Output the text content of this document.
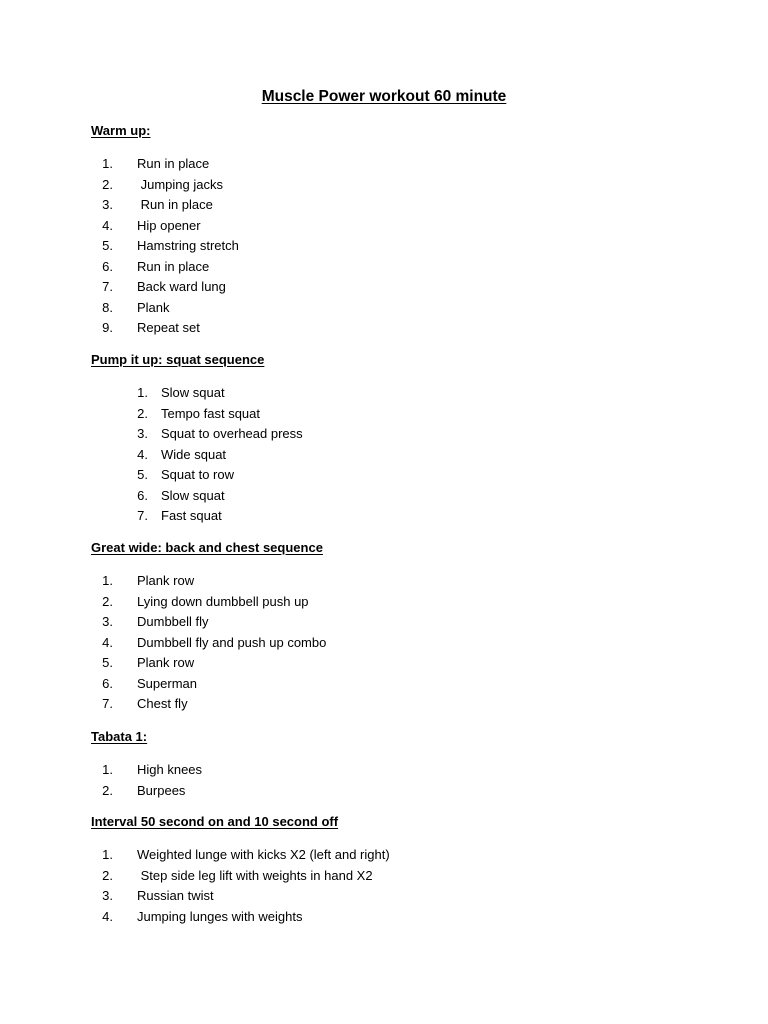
Muscle Power workout 60 minute
Warm up:
1. Run in place
2. Jumping jacks
3. Run in place
4. Hip opener
5. Hamstring stretch
6. Run in place
7. Back ward lung
8. Plank
9. Repeat set
Pump it up: squat sequence
1. Slow squat
2. Tempo fast squat
3. Squat to overhead press
4. Wide squat
5. Squat to row
6. Slow squat
7. Fast squat
Great wide: back and chest sequence
1. Plank row
2. Lying down dumbbell push up
3. Dumbbell fly
4. Dumbbell fly and push up combo
5. Plank row
6. Superman
7. Chest fly
Tabata 1:
1. High knees
2. Burpees
Interval 50 second on and 10 second off
1. Weighted lunge with kicks X2 (left and right)
2. Step side leg lift with weights in hand X2
3. Russian twist
4. Jumping lunges with weights
